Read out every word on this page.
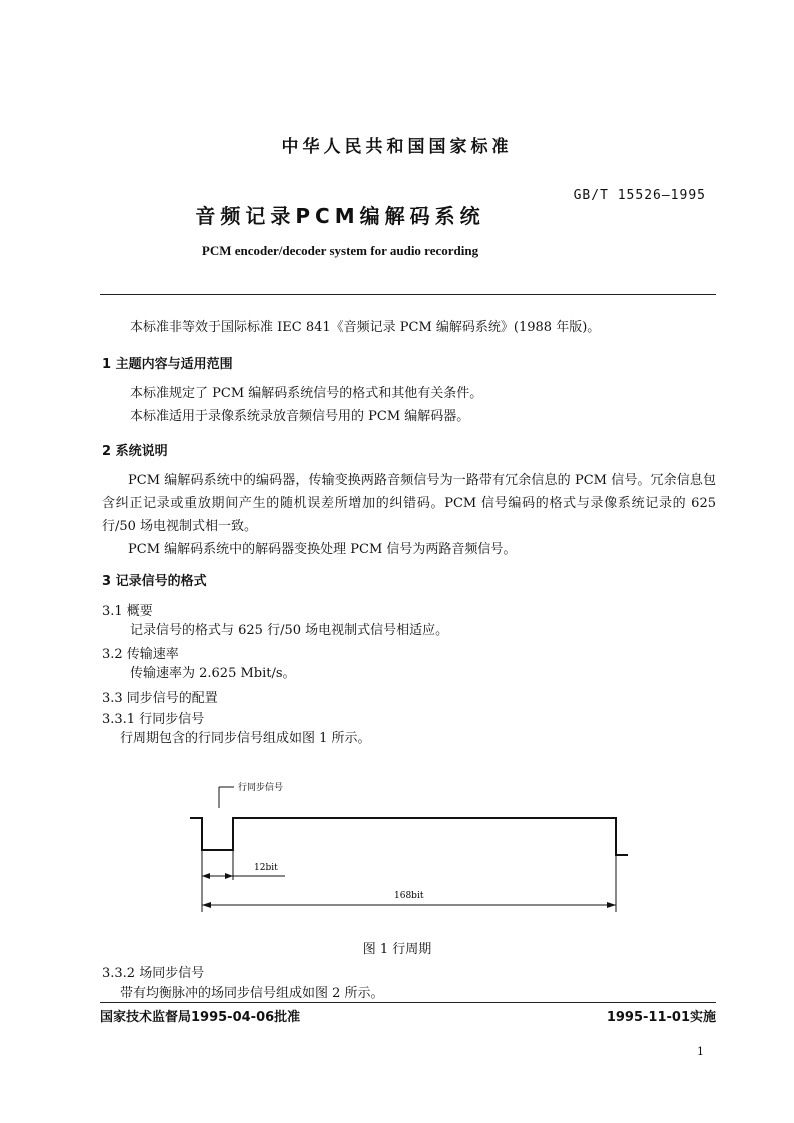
中华人民共和国国家标准
GB/T 15526—1995
音频记录PCM编解码系统
PCM encoder/decoder system for audio recording
本标准非等效于国际标准 IEC 841《音频记录 PCM 编解码系统》(1988 年版)。
1 主题内容与适用范围
本标准规定了 PCM 编解码系统信号的格式和其他有关条件。
本标准适用于录像系统录放音频信号用的 PCM 编解码器。
2 系统说明
PCM 编解码系统中的编码器，传输变换两路音频信号为一路带有冗余信息的 PCM 信号。冗余信息包含纠正记录或重放期间产生的随机误差所增加的纠错码。PCM 信号编码的格式与录像系统记录的 625 行/50 场电视制式相一致。
PCM 编解码系统中的解码器变换处理 PCM 信号为两路音频信号。
3 记录信号的格式
3.1 概要
记录信号的格式与 625 行/50 场电视制式信号相适应。
3.2 传输速率
传输速率为 2.625 Mbit/s。
3.3 同步信号的配置
3.3.1 行同步信号
行周期包含的行同步信号组成如图 1 所示。
行同步信号
12bit
168bit
图 1 行周期
3.3.2 场同步信号
带有均衡脉冲的场同步信号组成如图 2 所示。
国家技术监督局1995-04-06批准	1995-11-01实施
1
